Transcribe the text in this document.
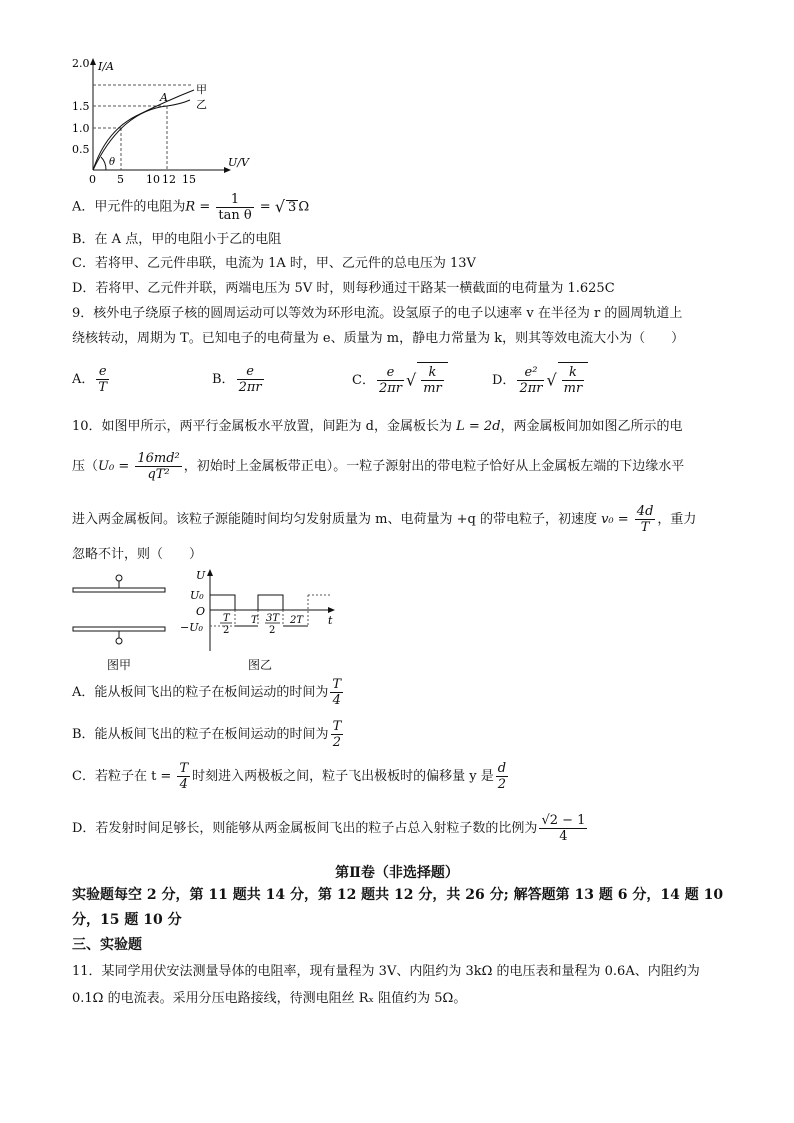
I/A
U/V
2.0
1.5
1.0
0.5
0 5 10 12 15
甲
乙
A
θ
A．甲元件的电阻为$R = \frac{1}{\text{tan θ}}$ = √ 3 Ω
B．在 A 点，甲的电阻小于乙的电阻
C．若将甲、乙元件串联，电流为 1A 时，甲、乙元件的总电压为 13V
D．若将甲、乙元件并联，两端电压为 5V 时，则每秒通过干路某一横截面的电荷量为 1.625C
9．核外电子绕原子核的圆周运动可以等效为环形电流。设氢原子的电子以速率 v 在半径为 r 的圆周轨道上
绕核转动，周期为 T。已知电子的电荷量为 e、质量为 m，静电力常量为 k，则其等效电流大小为（　　）
A． $\frac{e}{T}$	B． $\frac{e}{2\pi r}$	C． $\frac{e}{2\pi r}$ √ $\frac{k}{mr}$	D． $\frac{\text{e²}}{2\pi r}$ √ $\frac{k}{mr}$
10．如图甲所示，两平行金属板水平放置，间距为 d，金属板长为 L = 2d，两金属板间加如图乙所示的电
压（$U_0 = \frac{\text{16md²}}{\text{qT²}}$ ，初始时上金属板带正电）。一粒子源射出的带电粒子恰好从上金属板左端的下边缘水平
进入两金属板间。该粒子源能随时间均匀发射质量为 m、电荷量为 +q 的带电粒子，初速度 $v_0 = \frac{4d}{T}$ ，重力
忽略不计，则（　　）
图甲
U
U₀
O
−U₀
t
T
2
T 3T
2
2T
图乙
A．能从板间飞出的粒子在板间运动的时间为 $\frac{T}{4}$
B．能从板间飞出的粒子在板间运动的时间为 $\frac{T}{2}$
C．若粒子在 $t = \frac{T}{4}$ 时刻进入两极板之间，粒子飞出极板时的偏移量 y 是 $\frac{d}{2}$
D．若发射时间足够长，则能够从两金属板间飞出的粒子占总入射粒子数的比例为 $\frac{√2 - 1}{4}$
第Ⅱ卷（非选择题）
实验题每空 2 分，第 11 题共 14 分，第 12 题共 12 分，共 26 分; 解答题第 13 题 6 分，14 题 10
分，15 题 10 分
三、实验题
11．某同学用伏安法测量导体的电阻率，现有量程为 3V、内阻约为 3kΩ 的电压表和量程为 0.6A、内阻约为
0.1Ω 的电流表。采用分压电路接线，待测电阻丝 Rₓ 阻值约为 5Ω。
